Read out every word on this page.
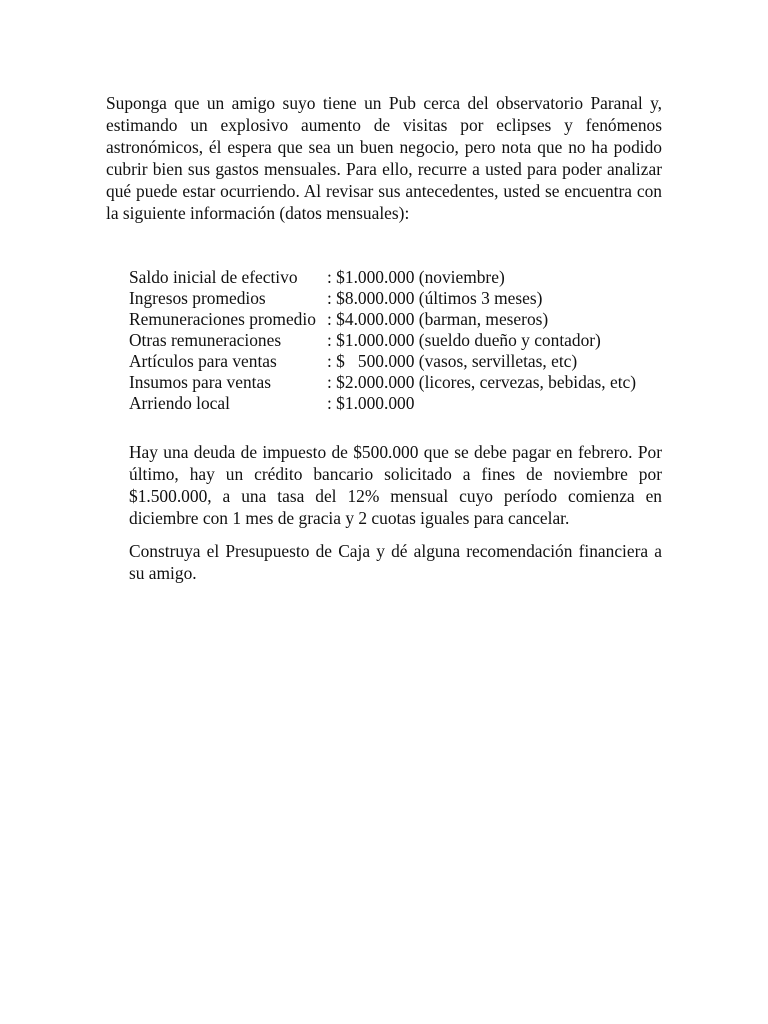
Suponga que un amigo suyo tiene un Pub cerca del observatorio Paranal y, estimando un explosivo aumento de visitas por eclipses y fenómenos astronómicos, él espera que sea un buen negocio, pero nota que no ha podido cubrir bien sus gastos mensuales. Para ello, recurre a usted para poder analizar qué puede estar ocurriendo. Al revisar sus antecedentes, usted se encuentra con la siguiente información (datos mensuales):

Saldo inicial de efectivo	: $1.000.000 (noviembre)
Ingresos promedios	: $8.000.000 (últimos 3 meses)
Remuneraciones promedio	: $4.000.000 (barman, meseros)
Otras remuneraciones	: $1.000.000 (sueldo dueño y contador)
Artículos para ventas	: $   500.000 (vasos, servilletas, etc)
Insumos para ventas	: $2.000.000 (licores, cervezas, bebidas, etc)
Arriendo local	: $1.000.000

Hay una deuda de impuesto de $500.000 que se debe pagar en febrero. Por último, hay un crédito bancario solicitado a fines de noviembre por $1.500.000, a una tasa del 12% mensual cuyo período comienza en diciembre con 1 mes de gracia y 2 cuotas iguales para cancelar.

Construya el Presupuesto de Caja y dé alguna recomendación financiera a su amigo.
